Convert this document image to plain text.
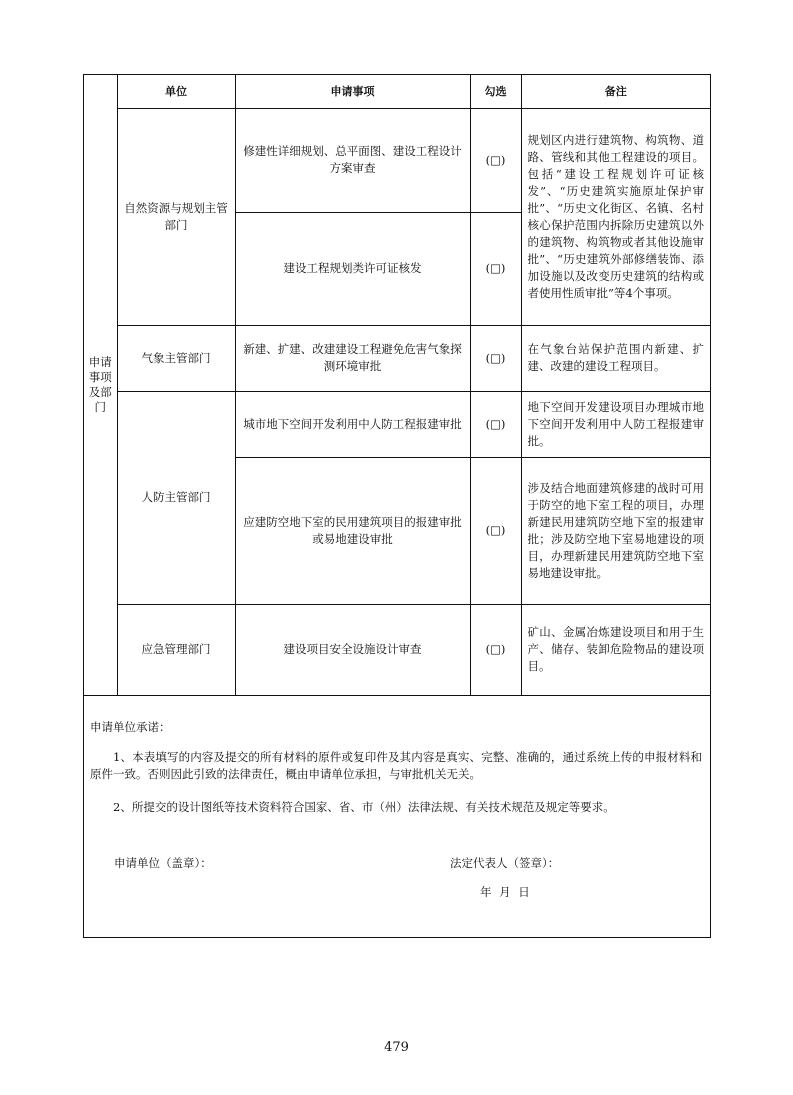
申请事项及部门	单位	申请事项	勾选	备注
	自然资源与规划主管部门	修建性详细规划、总平面图、建设工程设计方案审查	(□)	规划区内进行建筑物、构筑物、道路、管线和其他工程建设的项目。包括“建设工程规划许可证核发”、“历史建筑实施原址保护审批”、“历史文化街区、名镇、名村核心保护范围内拆除历史建筑以外的建筑物、构筑物或者其他设施审批”、“历史建筑外部修缮装饰、添加设施以及改变历史建筑的结构或者使用性质审批”等4个事项。
		建设工程规划类许可证核发	(□)	
	气象主管部门	新建、扩建、改建建设工程避免危害气象探测环境审批	(□)	在气象台站保护范围内新建、扩建、改建的建设工程项目。
	人防主管部门	城市地下空间开发利用中人防工程报建审批	(□)	地下空间开发建设项目办理城市地下空间开发利用中人防工程报建审批。
		应建防空地下室的民用建筑项目的报建审批或易地建设审批	(□)	涉及结合地面建筑修建的战时可用于防空的地下室工程的项目，办理新建民用建筑防空地下室的报建审批；涉及防空地下室易地建设的项目，办理新建民用建筑防空地下室易地建设审批。
	应急管理部门	建设项目安全设施设计审查	(□)	矿山、金属冶炼建设项目和用于生产、储存、装卸危险物品的建设项目。
申请单位承诺：
1、本表填写的内容及提交的所有材料的原件或复印件及其内容是真实、完整、准确的，通过系统上传的申报材料和原件一致。否则因此引致的法律责任，概由申请单位承担，与审批机关无关。
2、所提交的设计图纸等技术资料符合国家、省、市（州）法律法规、有关技术规范及规定等要求。
申请单位（盖章）：	法定代表人（签章）：
年 月 日
479
